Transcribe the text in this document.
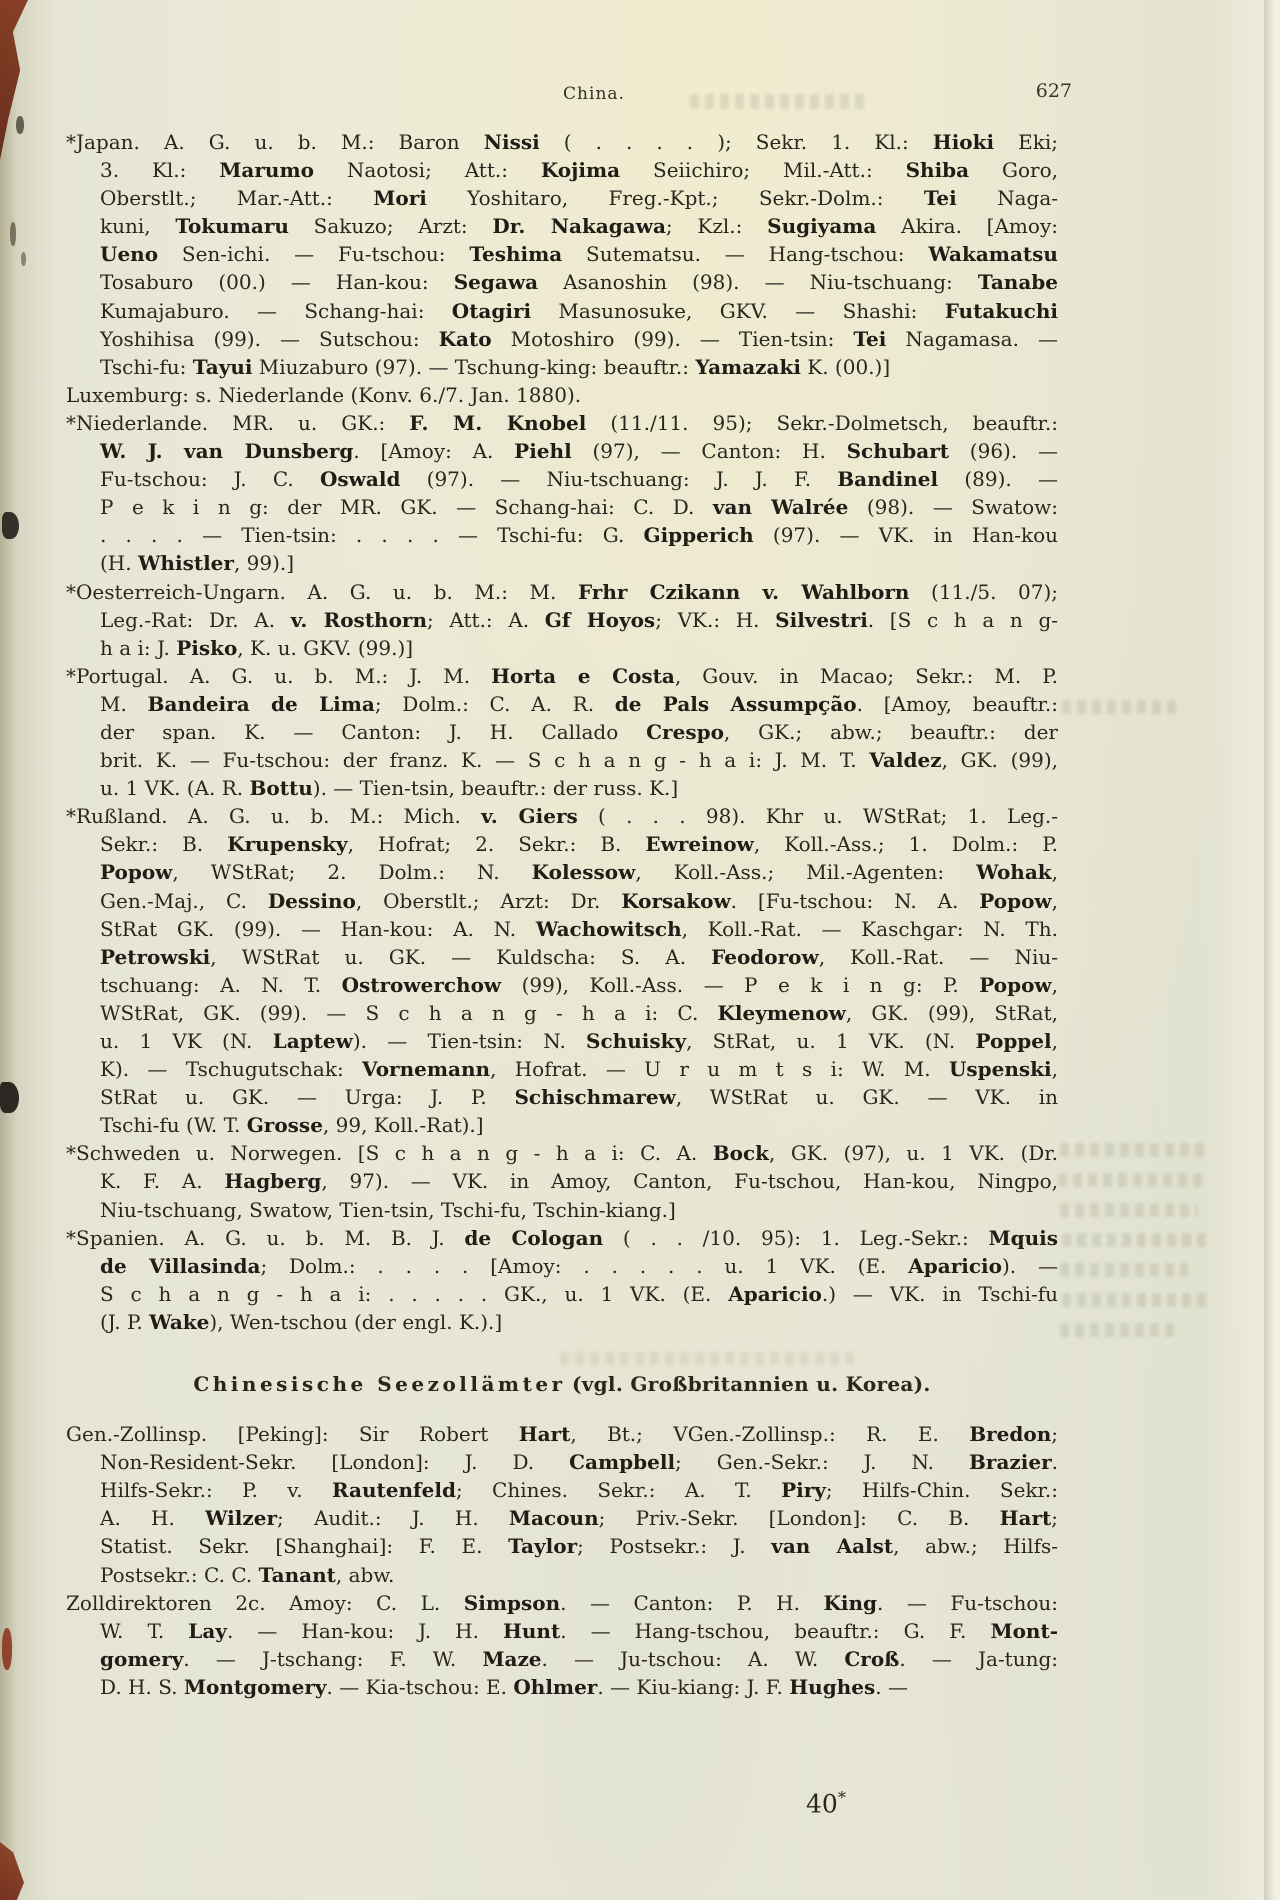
China.	627
*Japan. A. G. u. b. M.: Baron Nissi ( . . . . ); Sekr. 1. Kl.: Hioki Eki;
3. Kl.: Marumo Naotosi; Att.: Kojima Seiichiro; Mil.-Att.: Shiba Goro,
Oberstlt.; Mar.-Att.: Mori Yoshitaro, Freg.-Kpt.; Sekr.-Dolm.: Tei Naga-
kuni, Tokumaru Sakuzo; Arzt: Dr. Nakagawa; Kzl.: Sugiyama Akira. [Amoy:
Ueno Sen-ichi. — Fu-tschou: Teshima Sutematsu. — Hang-tschou: Wakamatsu
Tosaburo (00.) — Han-kou: Segawa Asanoshin (98). — Niu-tschuang: Tanabe
Kumajaburo. — Schang-hai: Otagiri Masunosuke, GKV. — Shashi: Futakuchi
Yoshihisa (99). — Sutschou: Kato Motoshiro (99). — Tien-tsin: Tei Nagamasa. —
Tschi-fu: Tayui Miuzaburo (97). — Tschung-king: beauftr.: Yamazaki K. (00.)]
Luxemburg: s. Niederlande (Konv. 6./7. Jan. 1880).
*Niederlande. MR. u. GK.: F. M. Knobel (11./11. 95); Sekr.-Dolmetsch, beauftr.:
W. J. van Dunsberg. [Amoy: A. Piehl (97), — Canton: H. Schubart (96). —
Fu-tschou: J. C. Oswald (97). — Niu-tschuang: J. J. F. Bandinel (89). —
P e k i n g: der MR. GK. — Schang-hai: C. D. van Walrée (98). — Swatow:
. . . . — Tien-tsin: . . . . — Tschi-fu: G. Gipperich (97). — VK. in Han-kou
(H. Whistler, 99).]
*Oesterreich-Ungarn. A. G. u. b. M.: M. Frhr Czikann v. Wahlborn (11./5. 07);
Leg.-Rat: Dr. A. v. Rosthorn; Att.: A. Gf Hoyos; VK.: H. Silvestri. [S c h a n g-
h a i: J. Pisko, K. u. GKV. (99.)]
*Portugal. A. G. u. b. M.: J. M. Horta e Costa, Gouv. in Macao; Sekr.: M. P.
M. Bandeira de Lima; Dolm.: C. A. R. de Pals Assumpção. [Amoy, beauftr.:
der span. K. — Canton: J. H. Callado Crespo, GK.; abw.; beauftr.: der
brit. K. — Fu-tschou: der franz. K. — S c h a n g - h a i: J. M. T. Valdez, GK. (99),
u. 1 VK. (A. R. Bottu). — Tien-tsin, beauftr.: der russ. K.]
*Rußland. A. G. u. b. M.: Mich. v. Giers ( . . . 98). Khr u. WStRat; 1. Leg.-
Sekr.: B. Krupensky, Hofrat; 2. Sekr.: B. Ewreinow, Koll.-Ass.; 1. Dolm.: P.
Popow, WStRat; 2. Dolm.: N. Kolessow, Koll.-Ass.; Mil.-Agenten: Wohak,
Gen.-Maj., C. Dessino, Oberstlt.; Arzt: Dr. Korsakow. [Fu-tschou: N. A. Popow,
StRat GK. (99). — Han-kou: A. N. Wachowitsch, Koll.-Rat. — Kaschgar: N. Th.
Petrowski, WStRat u. GK. — Kuldscha: S. A. Feodorow, Koll.-Rat. — Niu-
tschuang: A. N. T. Ostrowerchow (99), Koll.-Ass. — P e k i n g: P. Popow,
WStRat, GK. (99). — S c h a n g - h a i: C. Kleymenow, GK. (99), StRat,
u. 1 VK (N. Laptew). — Tien-tsin: N. Schuisky, StRat, u. 1 VK. (N. Poppel,
K). — Tschugutschak: Vornemann, Hofrat. — U r u m t s i: W. M. Uspenski,
StRat u. GK. — Urga: J. P. Schischmarew, WStRat u. GK. — VK. in
Tschi-fu (W. T. Grosse, 99, Koll.-Rat).]
*Schweden u. Norwegen. [S c h a n g - h a i: C. A. Bock, GK. (97), u. 1 VK. (Dr.
K. F. A. Hagberg, 97). — VK. in Amoy, Canton, Fu-tschou, Han-kou, Ningpo,
Niu-tschuang, Swatow, Tien-tsin, Tschi-fu, Tschin-kiang.]
*Spanien. A. G. u. b. M. B. J. de Cologan ( . . /10. 95): 1. Leg.-Sekr.: Mquis
de Villasinda; Dolm.: . . . . [Amoy: . . . . . u. 1 VK. (E. Aparicio). —
S c h a n g - h a i: . . . . . GK., u. 1 VK. (E. Aparicio.) — VK. in Tschi-fu
(J. P. Wake), Wen-tschou (der engl. K.).]
Chinesische Seezollämter (vgl. Großbritannien u. Korea).
Gen.-Zollinsp. [Peking]: Sir Robert Hart, Bt.; VGen.-Zollinsp.: R. E. Bredon;
Non-Resident-Sekr. [London]: J. D. Campbell; Gen.-Sekr.: J. N. Brazier.
Hilfs-Sekr.: P. v. Rautenfeld; Chines. Sekr.: A. T. Piry; Hilfs-Chin. Sekr.:
A. H. Wilzer; Audit.: J. H. Macoun; Priv.-Sekr. [London]: C. B. Hart;
Statist. Sekr. [Shanghai]: F. E. Taylor; Postsekr.: J. van Aalst, abw.; Hilfs-
Postsekr.: C. C. Tanant, abw.
Zolldirektoren 2c. Amoy: C. L. Simpson. — Canton: P. H. King. — Fu-tschou:
W. T. Lay. — Han-kou: J. H. Hunt. — Hang-tschou, beauftr.: G. F. Mont-
gomery. — J-tschang: F. W. Maze. — Ju-tschou: A. W. Croß. — Ja-tung:
D. H. S. Montgomery. — Kia-tschou: E. Ohlmer. — Kiu-kiang: J. F. Hughes. —
40*
